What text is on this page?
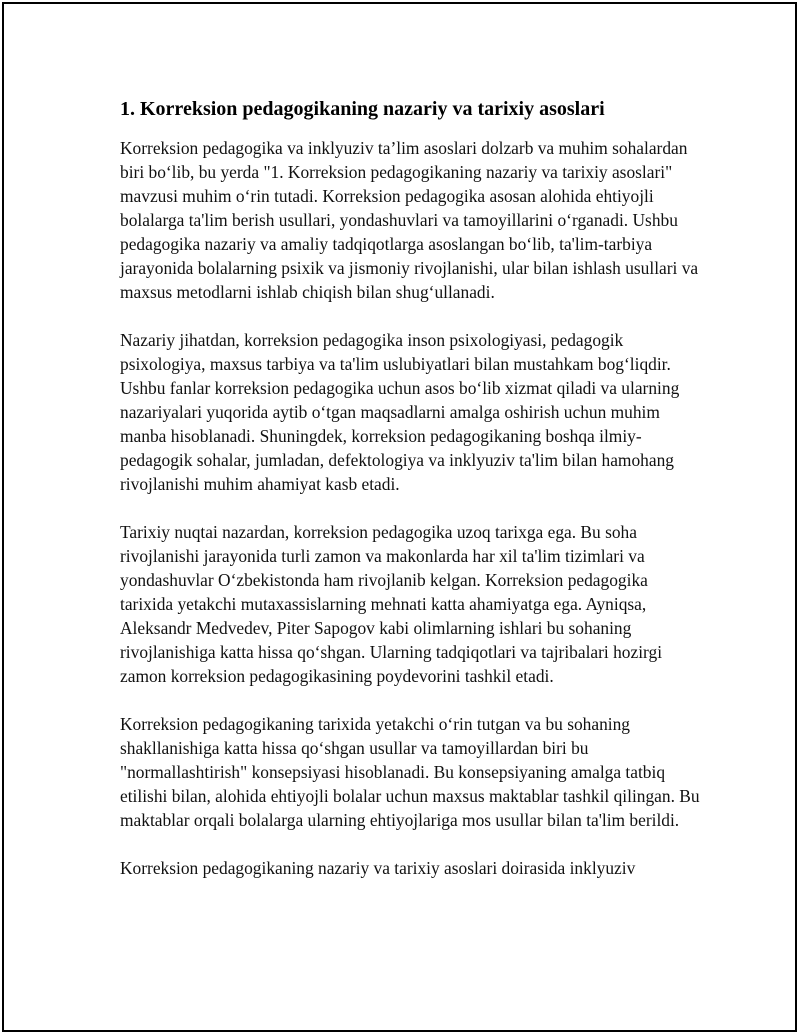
1. Korreksion pedagogikaning nazariy va tarixiy asoslari

Korreksion pedagogika va inklyuziv ta’lim asoslari dolzarb va muhim sohalardan biri bo‘lib, bu yerda "1. Korreksion pedagogikaning nazariy va tarixiy asoslari" mavzusi muhim o‘rin tutadi. Korreksion pedagogika asosan alohida ehtiyojli bolalarga ta'lim berish usullari, yondashuvlari va tamoyillarini o‘rganadi. Ushbu pedagogika nazariy va amaliy tadqiqotlarga asoslangan bo‘lib, ta'lim-tarbiya jarayonida bolalarning psixik va jismoniy rivojlanishi, ular bilan ishlash usullari va maxsus metodlarni ishlab chiqish bilan shug‘ullanadi.

Nazariy jihatdan, korreksion pedagogika inson psixologiyasi, pedagogik psixologiya, maxsus tarbiya va ta'lim uslubiyatlari bilan mustahkam bog‘liqdir. Ushbu fanlar korreksion pedagogika uchun asos bo‘lib xizmat qiladi va ularning nazariyalari yuqorida aytib o‘tgan maqsadlarni amalga oshirish uchun muhim manba hisoblanadi. Shuningdek, korreksion pedagogikaning boshqa ilmiy-pedagogik sohalar, jumladan, defektologiya va inklyuziv ta'lim bilan hamohang rivojlanishi muhim ahamiyat kasb etadi.

Tarixiy nuqtai nazardan, korreksion pedagogika uzoq tarixga ega. Bu soha rivojlanishi jarayonida turli zamon va makonlarda har xil ta'lim tizimlari va yondashuvlar O‘zbekistonda ham rivojlanib kelgan. Korreksion pedagogika tarixida yetakchi mutaxassislarning mehnati katta ahamiyatga ega. Ayniqsa, Aleksandr Medvedev, Piter Sapogov kabi olimlarning ishlari bu sohaning rivojlanishiga katta hissa qo‘shgan. Ularning tadqiqotlari va tajribalari hozirgi zamon korreksion pedagogikasining poydevorini tashkil etadi.

Korreksion pedagogikaning tarixida yetakchi o‘rin tutgan va bu sohaning shakllanishiga katta hissa qo‘shgan usullar va tamoyillardan biri bu "normallashtirish" konsepsiyasi hisoblanadi. Bu konsepsiyaning amalga tatbiq etilishi bilan, alohida ehtiyojli bolalar uchun maxsus maktablar tashkil qilingan. Bu maktablar orqali bolalarga ularning ehtiyojlariga mos usullar bilan ta'lim berildi.

Korreksion pedagogikaning nazariy va tarixiy asoslari doirasida inklyuziv
